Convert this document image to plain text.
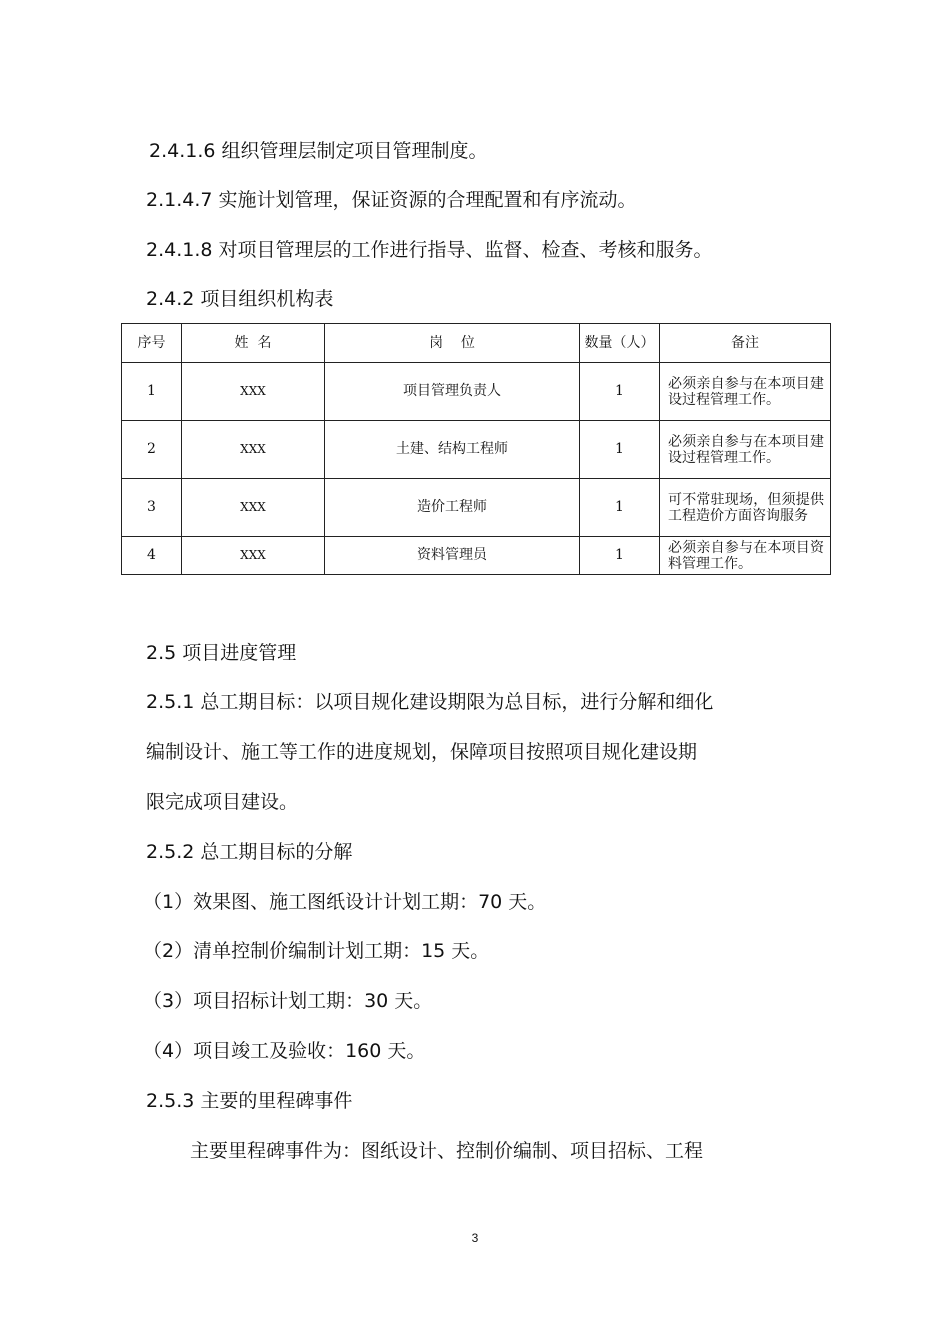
2.4.1.6 组织管理层制定项目管理制度。
2.1.4.7 实施计划管理，保证资源的合理配置和有序流动。
2.4.1.8 对项目管理层的工作进行指导、监督、检查、考核和服务。
2.4.2 项目组织机构表
序号	姓  名	岗    位	数量（人）	备注
1	XXX	项目管理负责人	1	必须亲自参与在本项目建设过程管理工作。
2	XXX	土建、结构工程师	1	必须亲自参与在本项目建设过程管理工作。
3	XXX	造价工程师	1	可不常驻现场，但须提供工程造价方面咨询服务
4	XXX	资料管理员	1	必须亲自参与在本项目资料管理工作。
2.5 项目进度管理
2.5.1 总工期目标：以项目规化建设期限为总目标，进行分解和细化
编制设计、施工等工作的进度规划，保障项目按照项目规化建设期
限完成项目建设。
2.5.2 总工期目标的分解
（1）效果图、施工图纸设计计划工期：70 天。
（2）清单控制价编制计划工期：15 天。
（3）项目招标计划工期：30 天。
（4）项目竣工及验收：160 天。
2.5.3 主要的里程碑事件
主要里程碑事件为：图纸设计、控制价编制、项目招标、工程
3
